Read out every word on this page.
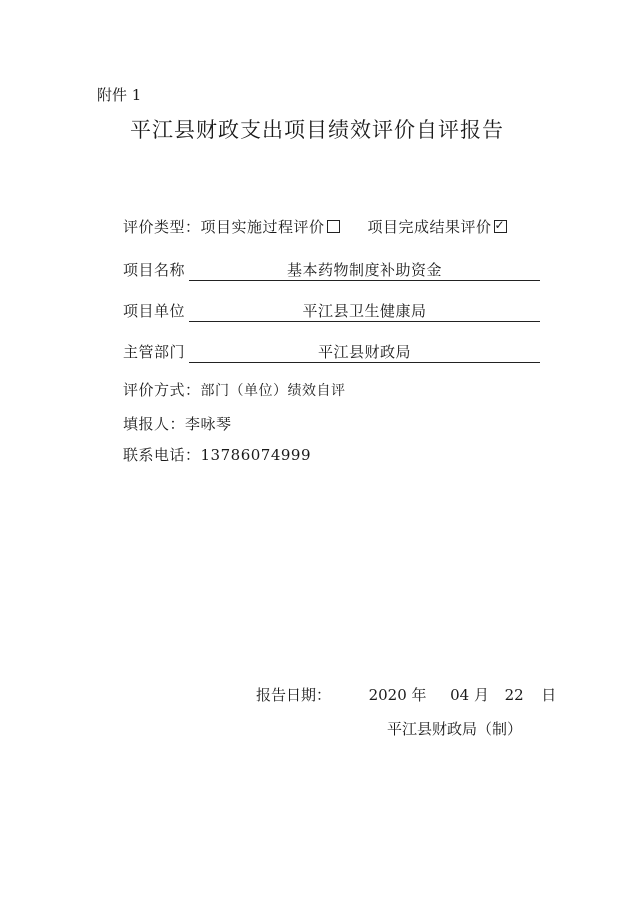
附件 1
平江县财政支出项目绩效评价自评报告
评价类型：项目实施过程评价	项目完成结果评价✓
项目名称	基本药物制度补助资金
项目单位	平江县卫生健康局
主管部门	平江县财政局
评价方式：部门（单位）绩效自评
填报人：李咏琴
联系电话：13786074999
报告日期：	2020 年 04 月 22 日
平江县财政局（制）
